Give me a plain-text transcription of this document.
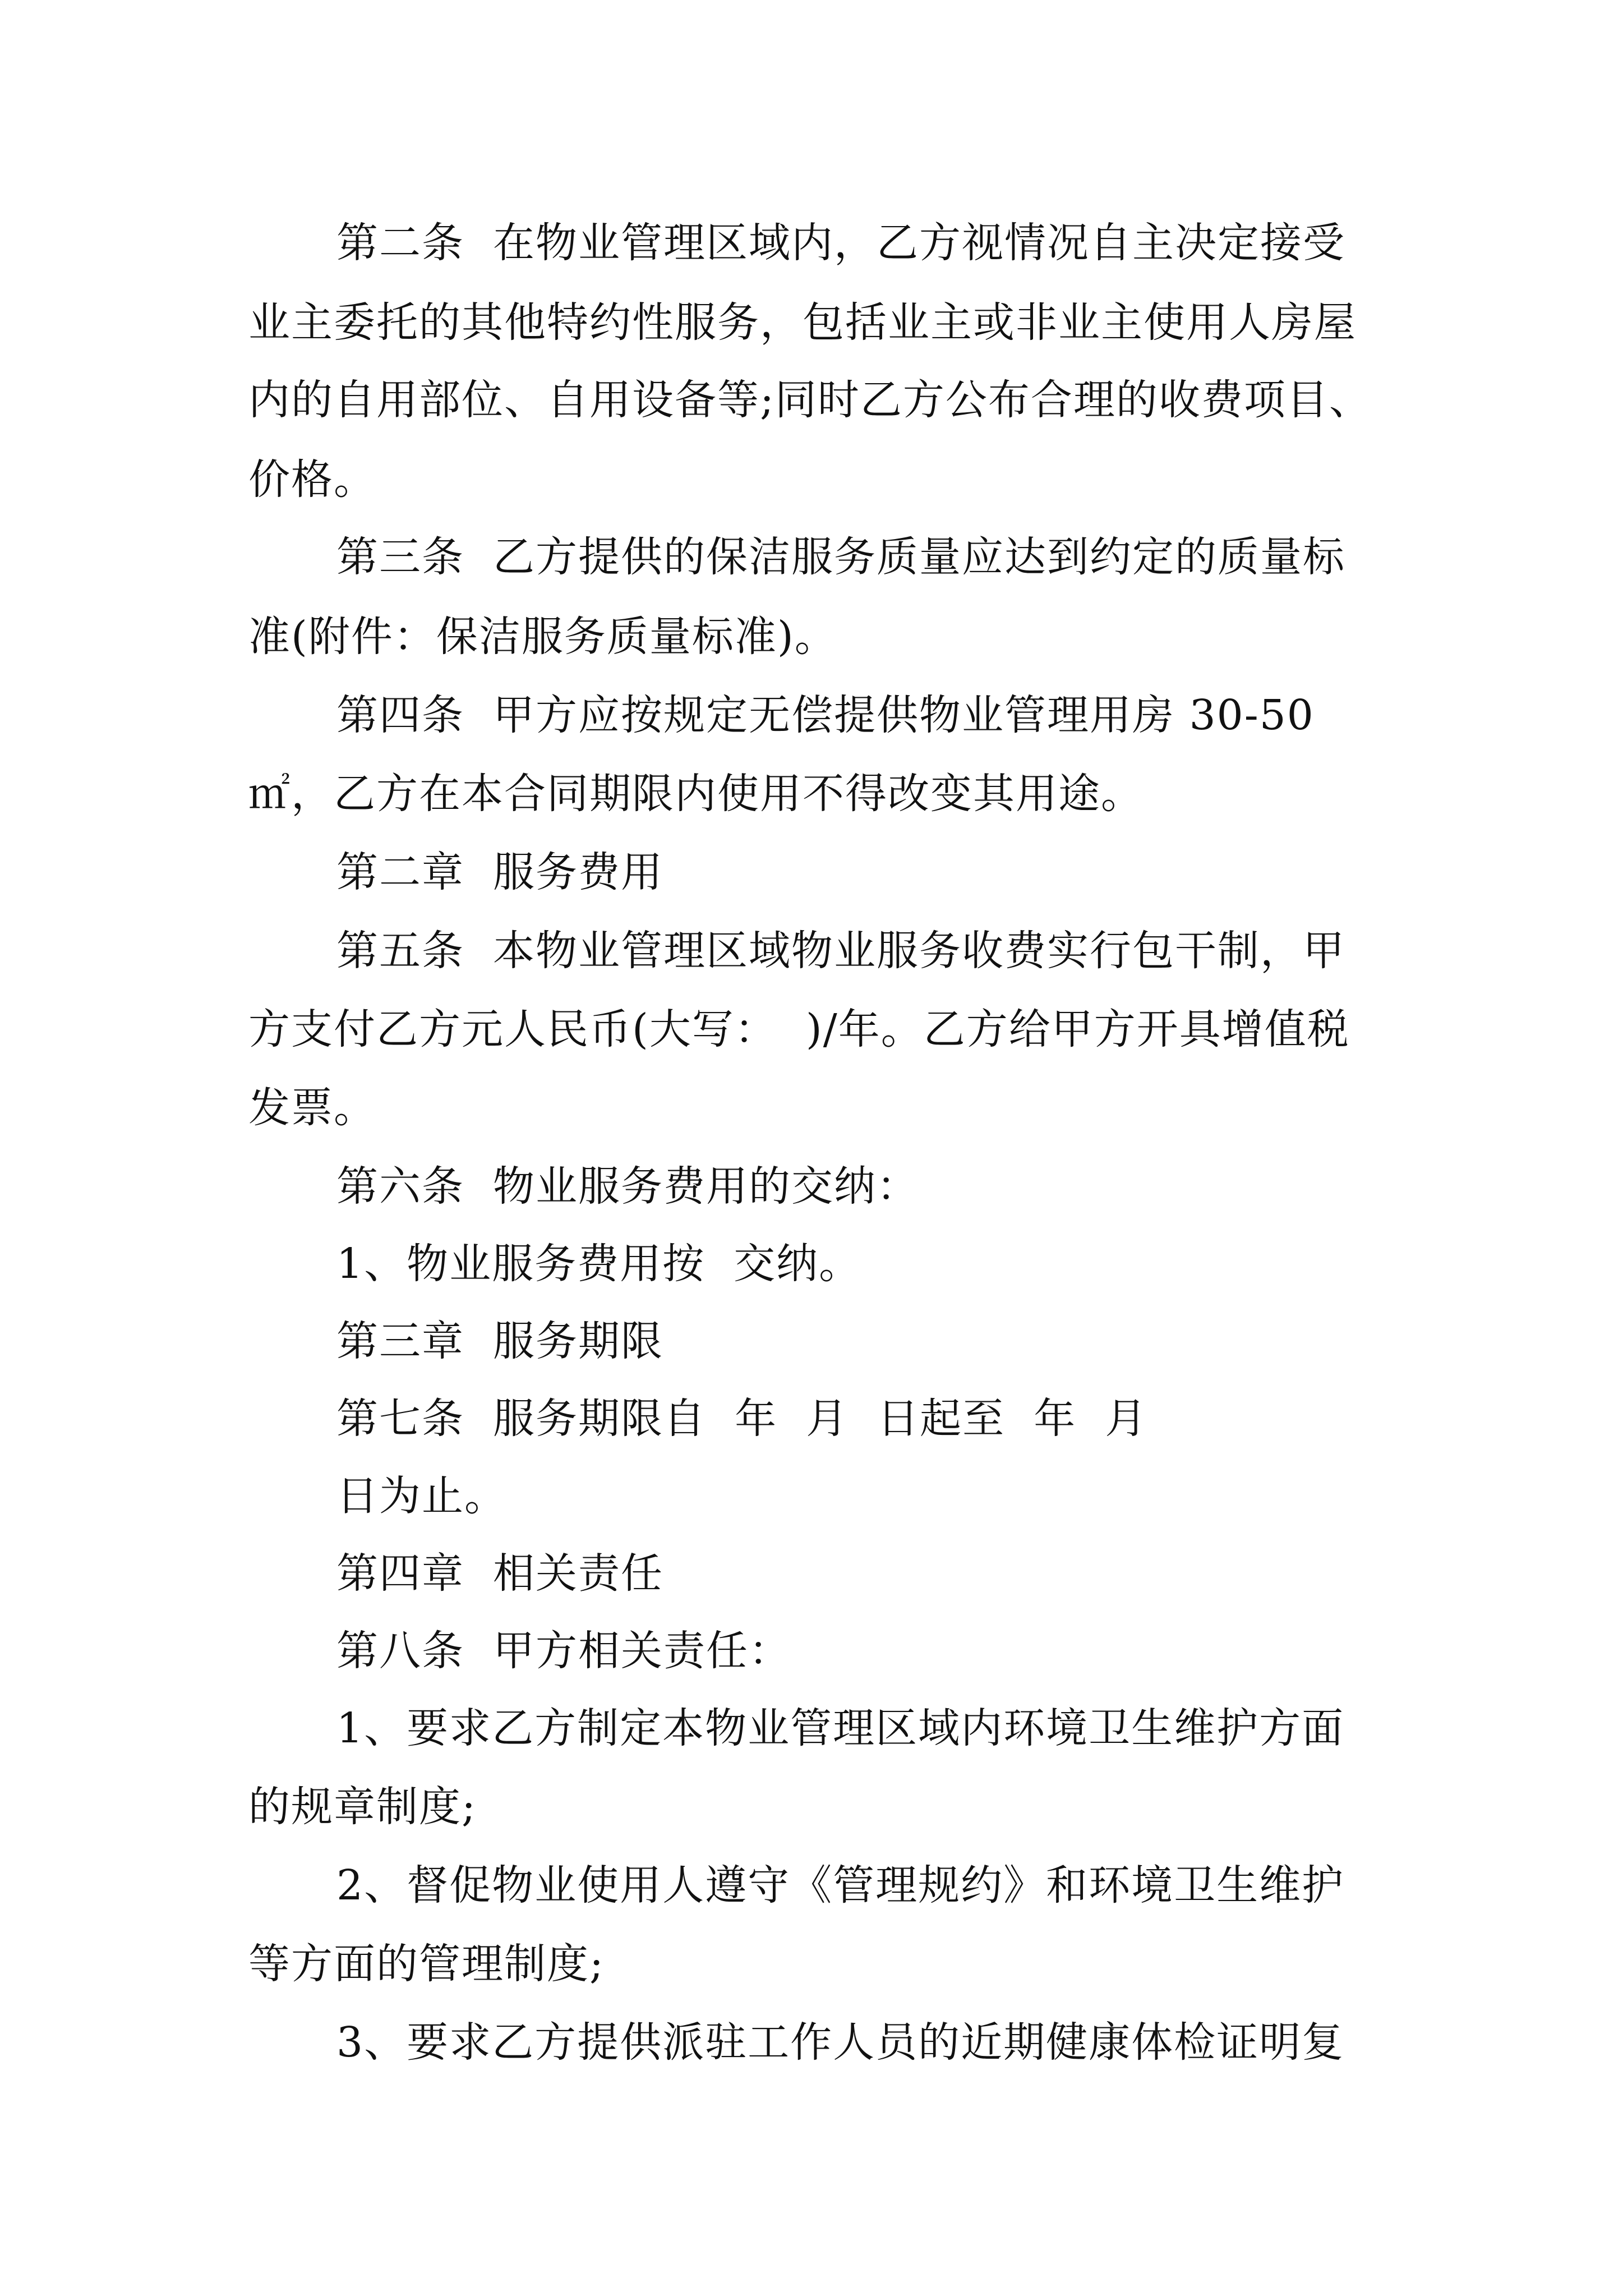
第二条  在物业管理区域内，乙方视情况自主决定接受
业主委托的其他特约性服务，包括业主或非业主使用人房屋
内的自用部位、自用设备等;同时乙方公布合理的收费项目、
价格。
第三条  乙方提供的保洁服务质量应达到约定的质量标
准(附件：保洁服务质量标准)。
第四条  甲方应按规定无偿提供物业管理用房 30-50
㎡，乙方在本合同期限内使用不得改变其用途。
第二章  服务费用
第五条  本物业管理区域物业服务收费实行包干制，甲
方支付乙方元人民币(大写：  )/年。乙方给甲方开具增值税
发票。
第六条  物业服务费用的交纳：
1、物业服务费用按  交纳。
第三章  服务期限
第七条  服务期限自  年  月  日起至  年  月
日为止。
第四章  相关责任
第八条  甲方相关责任：
1、要求乙方制定本物业管理区域内环境卫生维护方面
的规章制度;
2、督促物业使用人遵守《管理规约》和环境卫生维护
等方面的管理制度;
3、要求乙方提供派驻工作人员的近期健康体检证明复
